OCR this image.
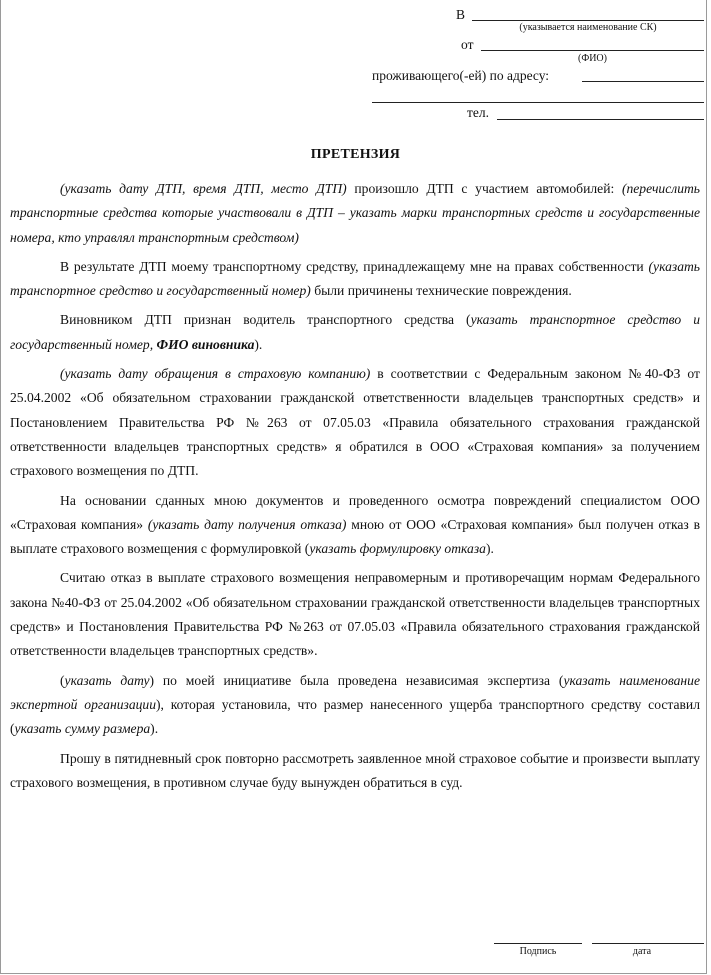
В
(указывается наименование СК)
от
(ФИО)
проживающего(-ей) по адресу:
тел.
ПРЕТЕНЗИЯ

(указать дату ДТП, время ДТП, место ДТП) произошло ДТП с участием автомобилей: (перечислить транспортные средства которые участвовали в ДТП – указать марки транспортных средств и государственные номера, кто управлял транспортным средством)

В результате ДТП моему транспортному средству, принадлежащему мне на правах собственности (указать транспортное средство и государственный номер) были причинены технические повреждения.

Виновником ДТП признан водитель транспортного средства (указать транспортное средство и государственный номер, ФИО виновника).

(указать дату обращения в страховую компанию) в соответствии с Федеральным законом №40-ФЗ от 25.04.2002 «Об обязательном страховании гражданской ответственности владельцев транспортных средств» и Постановлением Правительства РФ №263 от 07.05.03 «Правила обязательного страхования гражданской ответственности владельцев транспортных средств» я обратился в ООО «Страховая компания» за получением страхового возмещения по ДТП.

На основании сданных мною документов и проведенного осмотра повреждений специалистом ООО «Страховая компания» (указать дату получения отказа) мною от ООО «Страховая компания» был получен отказ в выплате страхового возмещения с формулировкой (указать формулировку отказа).

Считаю отказ в выплате страхового возмещения неправомерным и противоречащим нормам Федерального закона №40-ФЗ от 25.04.2002 «Об обязательном страховании гражданской ответственности владельцев транспортных средств» и Постановления Правительства РФ №263 от 07.05.03 «Правила обязательного страхования гражданской ответственности владельцев транспортных средств».

(указать дату) по моей инициативе была проведена независимая экспертиза (указать наименование экспертной организации), которая установила, что размер нанесенного ущерба транспортного средству составил (указать сумму размера).

Прошу в пятидневный срок повторно рассмотреть заявленное мной страховое событие и произвести выплату страхового возмещения, в противном случае буду вынужден обратиться в суд.

Подпись	дата
